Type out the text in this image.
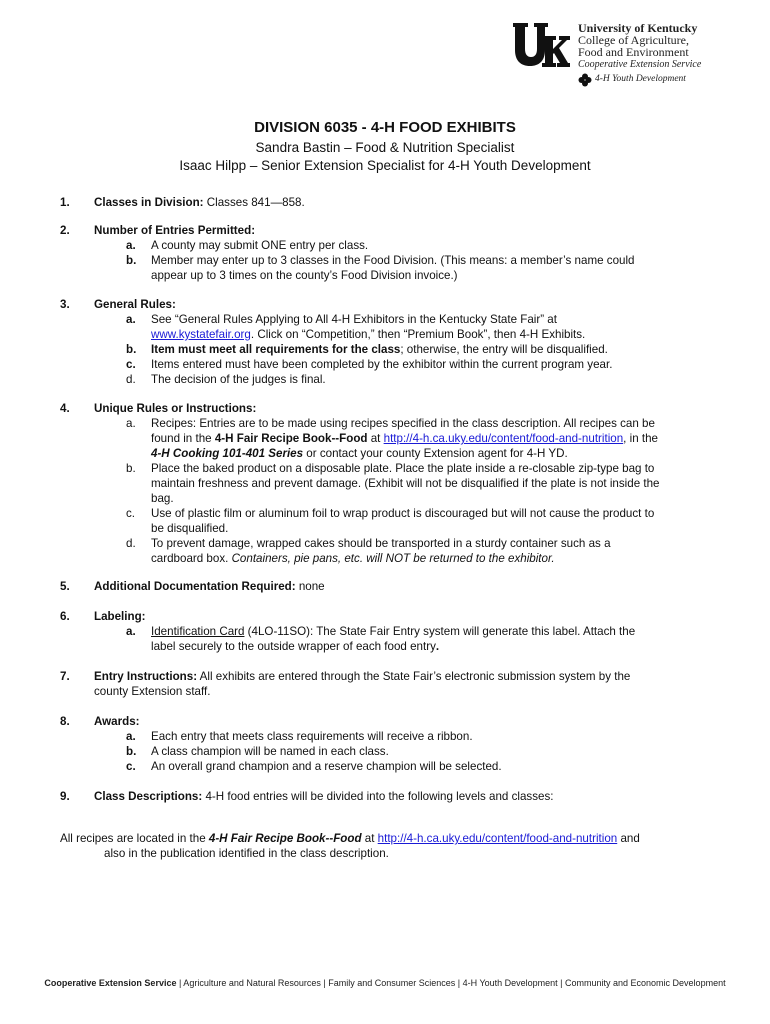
University of Kentucky
College of Agriculture,
Food and Environment
Cooperative Extension Service
4-H Youth Development
DIVISION 6035 - 4-H FOOD EXHIBITS
Sandra Bastin – Food & Nutrition Specialist
Isaac Hilpp – Senior Extension Specialist for 4-H Youth Development
1. Classes in Division: Classes 841—858.
2. Number of Entries Permitted:
a. A county may submit ONE entry per class.
b. Member may enter up to 3 classes in the Food Division. (This means: a member’s name could
appear up to 3 times on the county’s Food Division invoice.)
3. General Rules:
a. See “General Rules Applying to All 4-H Exhibitors in the Kentucky State Fair” at
www.kystatefair.org. Click on “Competition,” then “Premium Book”, then 4-H Exhibits.
b. Item must meet all requirements for the class; otherwise, the entry will be disqualified.
c. Items entered must have been completed by the exhibitor within the current program year.
d. The decision of the judges is final.
4. Unique Rules or Instructions:
a. Recipes: Entries are to be made using recipes specified in the class description. All recipes can be
found in the 4-H Fair Recipe Book--Food at http://4-h.ca.uky.edu/content/food-and-nutrition, in the
4-H Cooking 101-401 Series or contact your county Extension agent for 4-H YD.
b. Place the baked product on a disposable plate. Place the plate inside a re-closable zip-type bag to
maintain freshness and prevent damage. (Exhibit will not be disqualified if the plate is not inside the
bag.
c. Use of plastic film or aluminum foil to wrap product is discouraged but will not cause the product to
be disqualified.
d. To prevent damage, wrapped cakes should be transported in a sturdy container such as a
cardboard box. Containers, pie pans, etc. will NOT be returned to the exhibitor.
5. Additional Documentation Required: none
6. Labeling:
a. Identification Card (4LO-11SO): The State Fair Entry system will generate this label. Attach the
label securely to the outside wrapper of each food entry.
7. Entry Instructions: All exhibits are entered through the State Fair’s electronic submission system by the
county Extension staff.
8. Awards:
a. Each entry that meets class requirements will receive a ribbon.
b. A class champion will be named in each class.
c. An overall grand champion and a reserve champion will be selected.
9. Class Descriptions: 4-H food entries will be divided into the following levels and classes:
All recipes are located in the 4-H Fair Recipe Book--Food at http://4-h.ca.uky.edu/content/food-and-nutrition and
also in the publication identified in the class description.
Cooperative Extension Service | Agriculture and Natural Resources | Family and Consumer Sciences | 4-H Youth Development | Community and Economic Development
